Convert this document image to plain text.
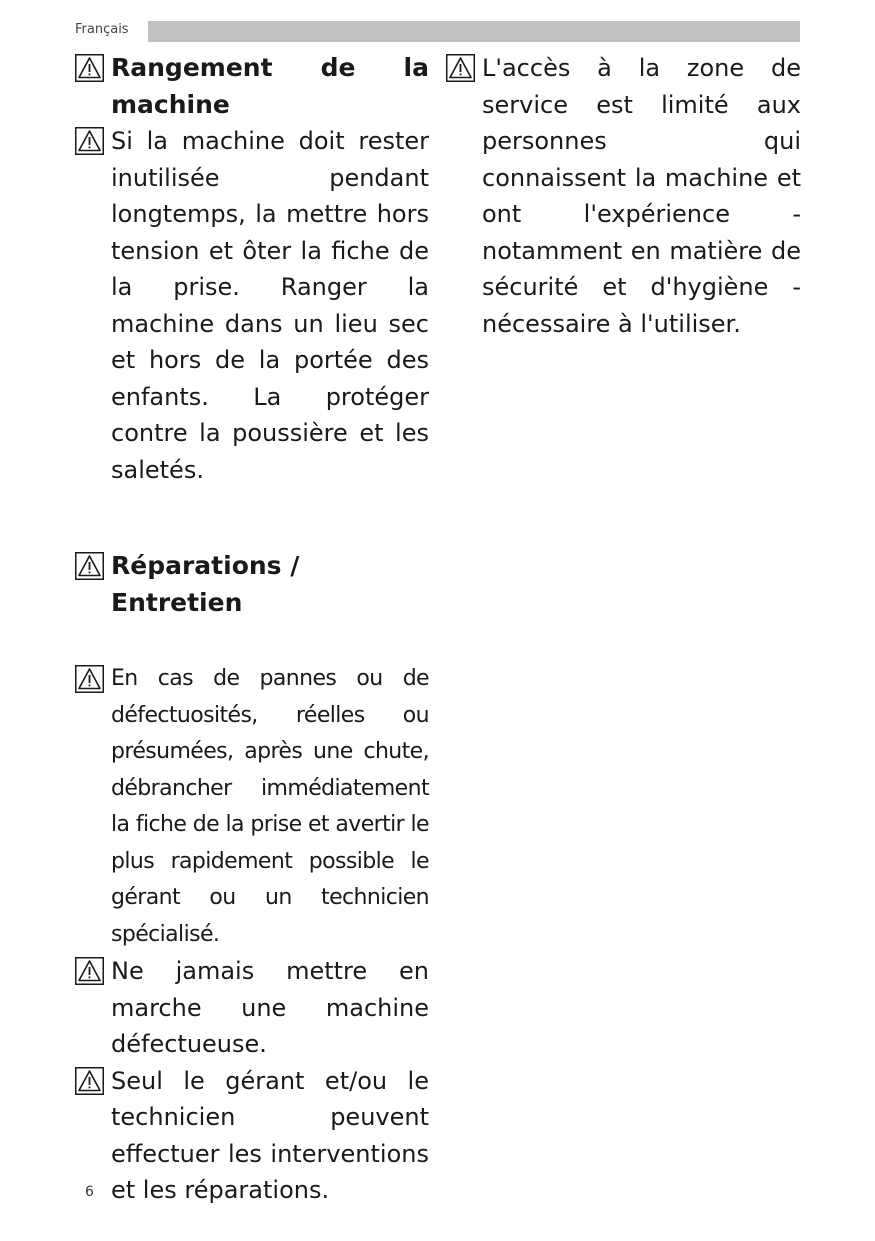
Français
Rangement de la
machine
Si la machine doit rester inutilisée pendant longtemps, la mettre hors tension et ôter la fiche de la prise. Ranger la machine dans un lieu sec et hors de la portée des enfants. La protéger contre la poussière et les saletés.
Réparations / Entretien
En cas de pannes ou de défectuosités, réelles ou présumées, après une chute, débrancher immédiatement la fiche de la prise et avertir le plus rapidement possible le gérant ou un technicien spécialisé.
Ne jamais mettre en marche une machine défectueuse.
Seul le gérant et/ou le technicien peuvent effectuer les interventions et les réparations.
L'accès à la zone de service est limité aux personnes qui connaissent la machine et ont l'expérience - notamment en matière de sécurité et d'hygiène - nécessaire à l'utiliser.
6
